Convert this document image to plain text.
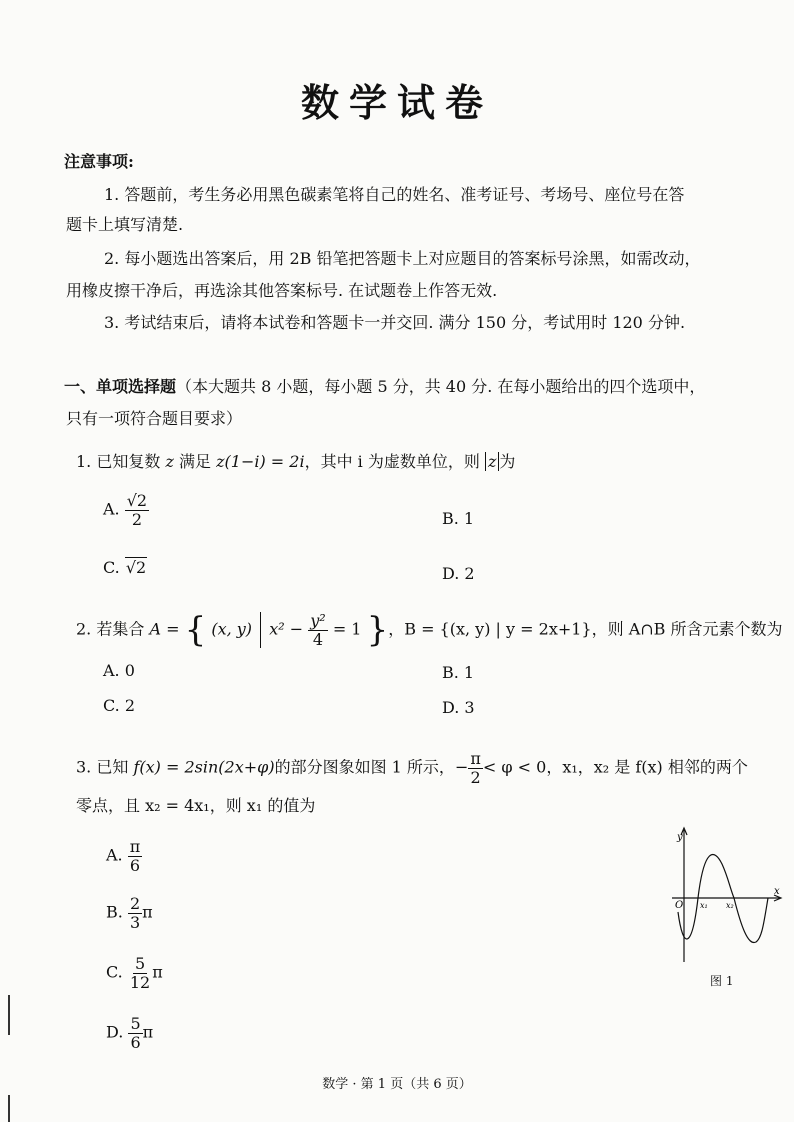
数学试卷
注意事项:
1. 答题前，考生务必用黑色碳素笔将自己的姓名、准考证号、考场号、座位号在答
题卡上填写清楚.
2. 每小题选出答案后，用 2B 铅笔把答题卡上对应题目的答案标号涂黑，如需改动，
用橡皮擦干净后，再选涂其他答案标号. 在试题卷上作答无效.
3. 考试结束后，请将本试卷和答题卡一并交回. 满分 150 分，考试用时 120 分钟.
一、单项选择题（本大题共 8 小题，每小题 5 分，共 40 分. 在每小题给出的四个选项中，
只有一项符合题目要求）
1. 已知复数 z 满足 z(1−i) = 2i，其中 i 为虚数单位，则 z 为
A. $\frac{√2}{2}$	B. 1
C. √2	D. 2
2. 若集合 A = { (x, y) $x^2 - \frac{\text{y²}}{4} = 1$ }，B = {(x, y) | y = 2x+1}，则 A∩B 所含元素个数为
A. 0	B. 1
C. 2	D. 3
3. 已知 f(x) = 2sin(2x+φ)的部分图象如图 1 所示，− $\frac{\pi}{2} < \varphi < 0$，x₁，x₂ 是 f(x) 相邻的两个
零点，且 x₂ = 4x₁，则 x₁ 的值为
A. $\frac{\pi}{6}$
B. $\frac{2}{3}$ π
C. $\frac{5}{12}$ π
D. $\frac{5}{6}$ π
y
x
O x₁ x₂
图 1
数学 · 第 1 页（共 6 页）
